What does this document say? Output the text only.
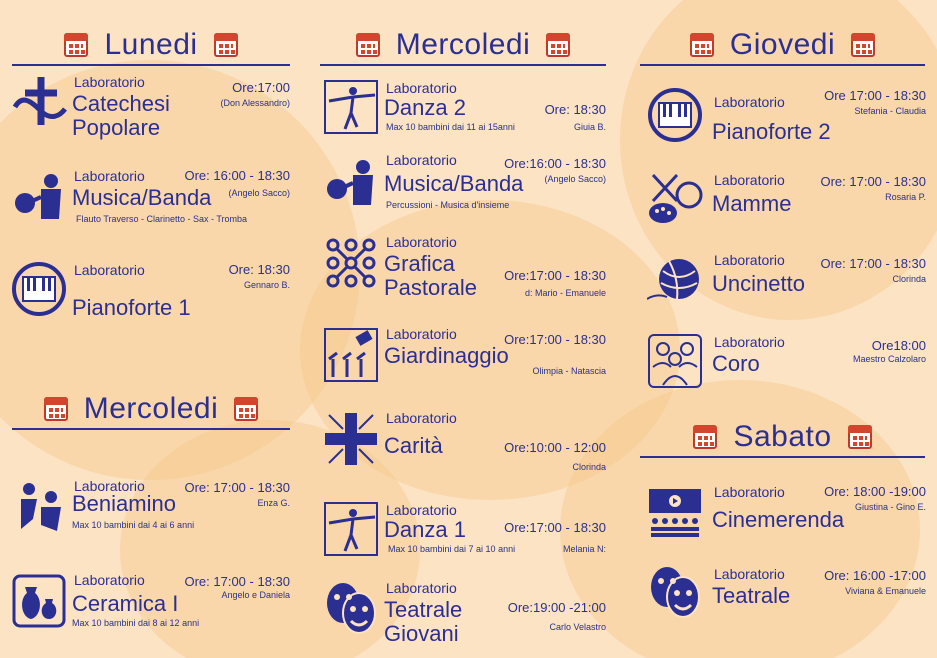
Lunedi	Mercoledi	Giovedi
Mercoledi
Sabato
Laboratorio
Catechesi
Popolare
Ore:17:00
(Don Alessandro)
Laboratorio
Musica/Banda
Ore: 16:00 - 18:30
(Angelo Sacco)
Flauto Traverso - Clarinetto - Sax - Tromba
Laboratorio
Pianoforte 1
Ore: 18:30
Gennaro B.
Laboratorio
Beniamino
Ore: 17:00 - 18:30
Enza G.
Max 10 bambini dai 4 ai 6 anni
Laboratorio
Ceramica I
Ore: 17:00 - 18:30
Angelo e Daniela
Max 10 bambini dai 8 ai 12 anni
Laboratorio
Danza 2	Ore: 18:30
Giuia B.
Max 10 bambini dai 11 ai 15anni
Laboratorio
Musica/Banda
Ore:16:00 - 18:30
(Angelo Sacco)
Percussioni - Musica d'insieme
Laboratorio
Grafica
Pastorale Ore:17:00 - 18:30
d: Mario - Emanuele
Laboratorio
Giardinaggio
Ore:17:00 - 18:30
Olimpia - Natascia
Laboratorio
Carità	Ore:10:00 - 12:00
Clorinda
Laboratorio
Danza 1	Ore:17:00 - 18:30
Melania N:
Max 10 bambini dai 7 ai 10 anni
Laboratorio
Teatrale
Giovani
Ore:19:00 -21:00
Carlo Velastro
Laboratorio
Pianoforte 2
Ore 17:00 - 18:30
Stefania - Claudia
Laboratorio
Mamme
Ore: 17:00 - 18:30
Rosaria P.
Laboratorio
Uncinetto
Ore: 17:00 - 18:30
Clorinda
Laboratorio
Coro
Ore18:00
Maestro Calzolaro
Laboratorio
Cinemerenda
Ore: 18:00 -19:00
Giustina - Gino E.
Laboratorio
Teatrale
Ore: 16:00 -17:00
Viviana & Emanuele
